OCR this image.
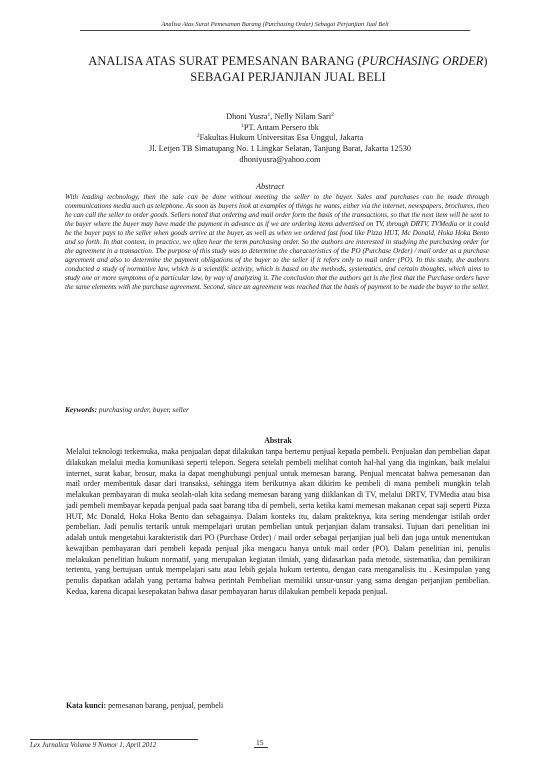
Analisa Atas Surat Pemesanan Barang (Purchasing Order) Sebagai Perjanjian Jual Beli
ANALISA ATAS SURAT PEMESANAN BARANG (PURCHASING ORDER) SEBAGAI PERJANJIAN JUAL BELI
Dhoni Yusra$^1$, Nelly Nilam Sari$^2$
$^1$PT. Antam Persero tbk
$^2$Fakultas Hukum Universitas Esa Unggul, Jakarta
Jl. Letjen TB Simatupang No. 1 Lingkar Selatan, Tanjung Barat, Jakarta 12530
dhoniyusra@yahoo.com
Abstract

With leading technology, then the sale can be done without meeting the seller to the buyer. Sales and purchases can be made through communications media such as telephone. As soon as buyers look at examples of things he wants, either via the internet, newspapers, brochures, then he can call the seller to order goods. Sellers noted that ordering and mail order form the basis of the transactions, so that the next item will be sent to the buyer where the buyer may have made the payment in advance as if we are ordering items advertised on TV, through DRTV, TVMedia or it could be the buyer pays to the seller when goods arrive at the buyer, as well as when we ordered fast food like Pizza HUT, Mc Donald, Hoka Hoka Bento and so forth. In that context, in practice, we often hear the term purchasing order. So the authors are interested in studying the purchasing order for the agreement in a transaction. The purpose of this study was to determine the characteristics of the PO (Purchase Order) / mail order as a purchase agreement and also to determine the payment obligations of the buyer to the seller if it refers only to mail order (PO). In this study, the authors conducted a study of normative law, which is a scientific activity, which is based on the methods, systematics, and certain thoughts, which aims to study one or more symptoms of a particular law, by way of analyzing it. The conclusion that the authors get is the first that the Purchase orders have the same elements with the purchase agreement. Second, since an agreement was reached that the basis of payment to be made the buyer to the seller.

Keywords: purchasing order, buyer, seller
Abstrak

Melalui teknologi terkemuka, maka penjualan dapat dilakukan tanpa bertemu penjual kepada pembeli. Penjualan dan pembelian dapat dilakukan melalui media komunikasi seperti telepon. Segera setelah pembeli melihat contoh hal-hal yang dia inginkan, baik melalui internet, surat kabar, brosur, maka ia dapat menghubungi penjual untuk memesan barang. Penjual mencatat bahwa pemesanan dan mail order membentuk dasar dari transaksi, sehingga item berikutnya akan dikirim ke pembeli di mana pembeli mungkin telah melakukan pembayaran di muka seolah-olah kita sedang memesan barang yang diiklankan di TV, melalui DRTV, TVMedia atau bisa jadi pembeli membayar kepada penjual pada saat barang tiba di pembeli, serta ketika kami memesan makanan cepat saji seperti Pizza HUT, Mc Donald, Hoka Hoka Bento dan sebagainya. Dalam konteks itu, dalam prakteknya, kita sering mendengar istilah order pembelian. Jadi penulis tertarik untuk mempelajari urutan pembelian untuk perjanjian dalam transaksi. Tujuan dari penelitian ini adalah untuk mengetahui karakteristik dari PO (Purchase Order) / mail order sebagai perjanjian jual beli dan juga untuk menentukan kewajiban pembayaran dari pembeli kepada penjual jika mengacu hanya untuk mail order (PO). Dalam penelitian ini, penulis melakukan penelitian hukum normatif, yang merupakan kegiatan ilmiah, yang didasarkan pada metode, sistematika, dan pemikiran tertentu, yang bertujuan untuk mempelajari satu atau lebih gejala hukum tertentu, dengan cara menganalisis itu . Kesimpulan yang penulis dapatkan adalah yang pertama bahwa perintah Pembelian memiliki unsur-unsur yang sama dengan perjanjian pembelian. Kedua, karena dicapai kesepakatan bahwa dasar pembayaran harus dilakukan pembeli kepada penjual.

Kata kunci: pemesanan barang, penjual, pembeli
Lex Jurnalica Volume 9 Nomor 1, April 2012	15
